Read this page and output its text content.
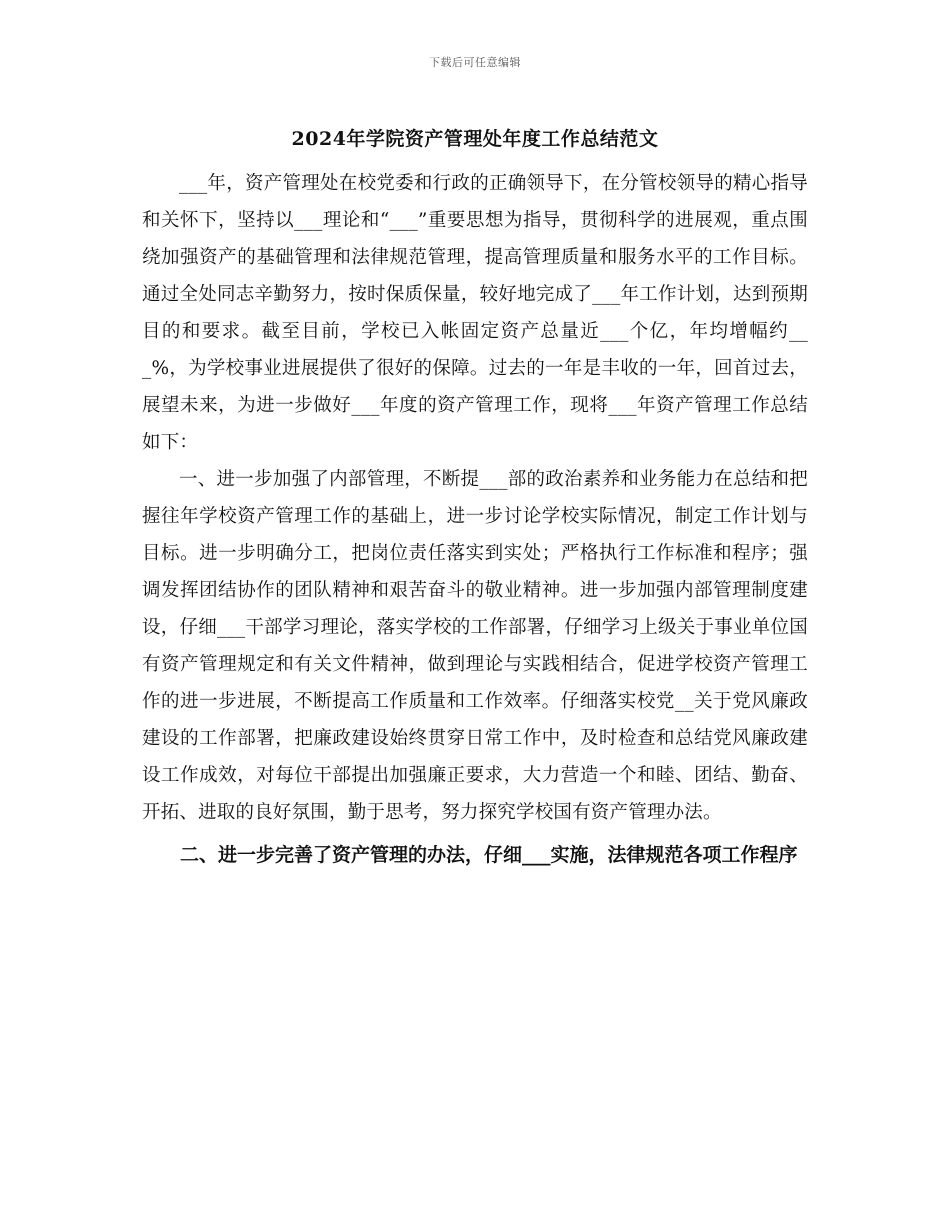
下载后可任意编辑
2024年学院资产管理处年度工作总结范文

___年，资产管理处在校党委和行政的正确领导下，在分管校领导的精心指导和关怀下，坚持以___理论和“___”重要思想为指导，贯彻科学的进展观，重点围绕加强资产的基础管理和法律规范管理，提高管理质量和服务水平的工作目标。通过全处同志辛勤努力，按时保质保量，较好地完成了___年工作计划，达到预期目的和要求。截至目前，学校已入帐固定资产总量近___个亿，年均增幅约___%，为学校事业进展提供了很好的保障。过去的一年是丰收的一年，回首过去，展望未来，为进一步做好___年度的资产管理工作，现将___年资产管理工作总结如下：

一、进一步加强了内部管理，不断提___部的政治素养和业务能力在总结和把握往年学校资产管理工作的基础上，进一步讨论学校实际情况，制定工作计划与目标。进一步明确分工，把岗位责任落实到实处；严格执行工作标准和程序；强调发挥团结协作的团队精神和艰苦奋斗的敬业精神。进一步加强内部管理制度建设，仔细___干部学习理论，落实学校的工作部署，仔细学习上级关于事业单位国有资产管理规定和有关文件精神，做到理论与实践相结合，促进学校资产管理工作的进一步进展，不断提高工作质量和工作效率。仔细落实校党__关于党风廉政建设的工作部署，把廉政建设始终贯穿日常工作中，及时检查和总结党风廉政建设工作成效，对每位干部提出加强廉正要求，大力营造一个和睦、团结、勤奋、开拓、进取的良好氛围，勤于思考，努力探究学校国有资产管理办法。

二、进一步完善了资产管理的办法，仔细___实施，法律规范各项工作程序
